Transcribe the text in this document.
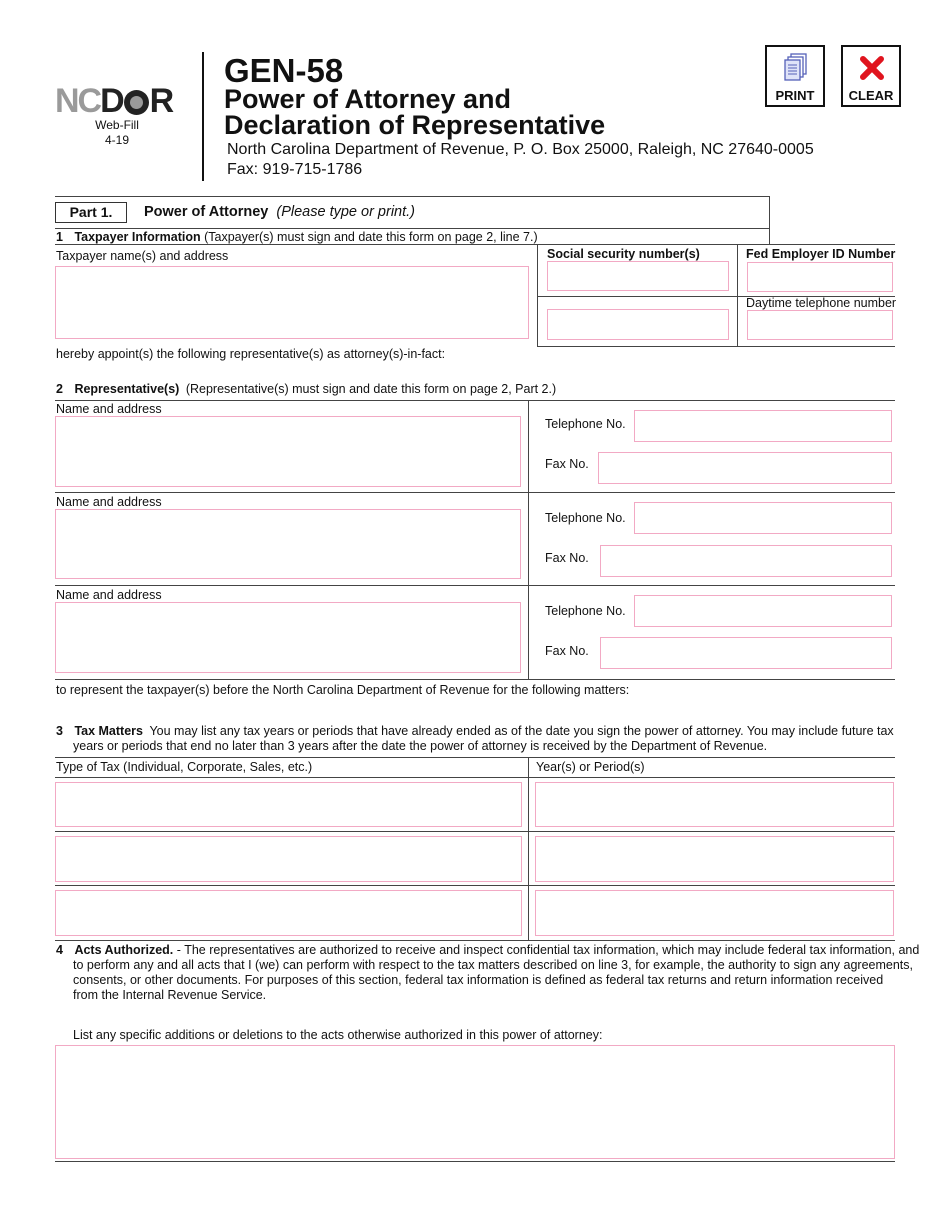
NCD R
Web-Fill
4-19
GEN-58
Power of Attorney and
Declaration of Representative
North Carolina Department of Revenue, P. O. Box 25000, Raleigh, NC 27640-0005
Fax: 919-715-1786
PRINT	CLEAR
Part 1.	Power of Attorney (Please type or print.)
1 Taxpayer Information (Taxpayer(s) must sign and date this form on page 2, line 7.)
Taxpayer name(s) and address	Social security number(s)	Fed Employer ID Number
Daytime telephone number
hereby appoint(s) the following representative(s) as attorney(s)-in-fact:
2 Representative(s) (Representative(s) must sign and date this form on page 2, Part 2.)
Name and address
Telephone No.
Fax No.
Name and address
Telephone No.
Fax No.
Name and address
Telephone No.
Fax No.
to represent the taxpayer(s) before the North Carolina Department of Revenue for the following matters:
3 Tax Matters You may list any tax years or periods that have already ended as of the date you sign the power of attorney. You may include future tax
years or periods that end no later than 3 years after the date the power of attorney is received by the Department of Revenue.
Type of Tax (Individual, Corporate, Sales, etc.)	Year(s) or Period(s)
4 Acts Authorized. - The representatives are authorized to receive and inspect confidential tax information, which may include federal tax information, and
to perform any and all acts that I (we) can perform with respect to the tax matters described on line 3, for example, the authority to sign any agreements,
consents, or other documents. For purposes of this section, federal tax information is defined as federal tax returns and return information received
from the Internal Revenue Service.
List any specific additions or deletions to the acts otherwise authorized in this power of attorney:
